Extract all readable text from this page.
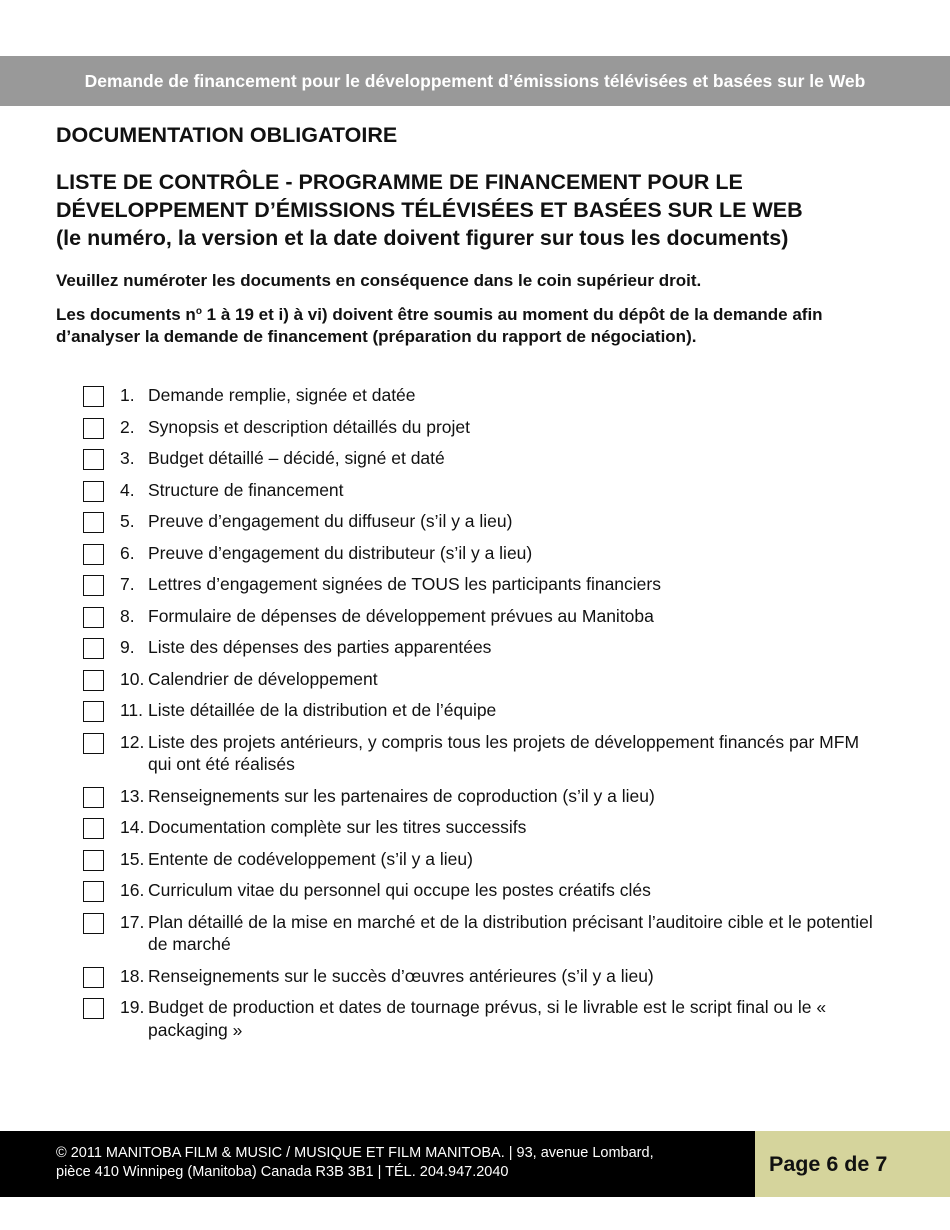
Demande de financement pour le développement d’émissions télévisées et basées sur le Web
DOCUMENTATION OBLIGATOIRE
LISTE DE CONTRÔLE - PROGRAMME DE FINANCEMENT POUR LE
DÉVELOPPEMENT D’ÉMISSIONS TÉLÉVISÉES ET BASÉES SUR LE WEB
(le numéro, la version et la date doivent figurer sur tous les documents)

Veuillez numéroter les documents en conséquence dans le coin supérieur droit.

Les documents $n^o$ 1 à 19 et i) à vi) doivent être soumis au moment du dépôt de la demande afin d’analyser la demande de financement (préparation du rapport de négociation).

1. Demande remplie, signée et datée
2. Synopsis et description détaillés du projet
3. Budget détaillé – décidé, signé et daté
4. Structure de financement
5. Preuve d’engagement du diffuseur (s’il y a lieu)
6. Preuve d’engagement du distributeur (s’il y a lieu)
7. Lettres d’engagement signées de TOUS les participants financiers
8. Formulaire de dépenses de développement prévues au Manitoba
9. Liste des dépenses des parties apparentées
10. Calendrier de développement
11. Liste détaillée de la distribution et de l’équipe
12. Liste des projets antérieurs, y compris tous les projets de développement financés par MFM qui ont été réalisés
13. Renseignements sur les partenaires de coproduction (s’il y a lieu)
14. Documentation complète sur les titres successifs
15. Entente de codéveloppement (s’il y a lieu)
16. Curriculum vitae du personnel qui occupe les postes créatifs clés
17. Plan détaillé de la mise en marché et de la distribution précisant l’auditoire cible et le potentiel de marché
18. Renseignements sur le succès d’œuvres antérieures (s’il y a lieu)
19. Budget de production et dates de tournage prévus, si le livrable est le script final ou le « packaging »
© 2011 MANITOBA FILM & MUSIC / MUSIQUE ET FILM MANITOBA. | 93, avenue Lombard,
pièce 410 Winnipeg (Manitoba) Canada R3B 3B1 | TÉL. 204.947.2040	Page 6 de 7
